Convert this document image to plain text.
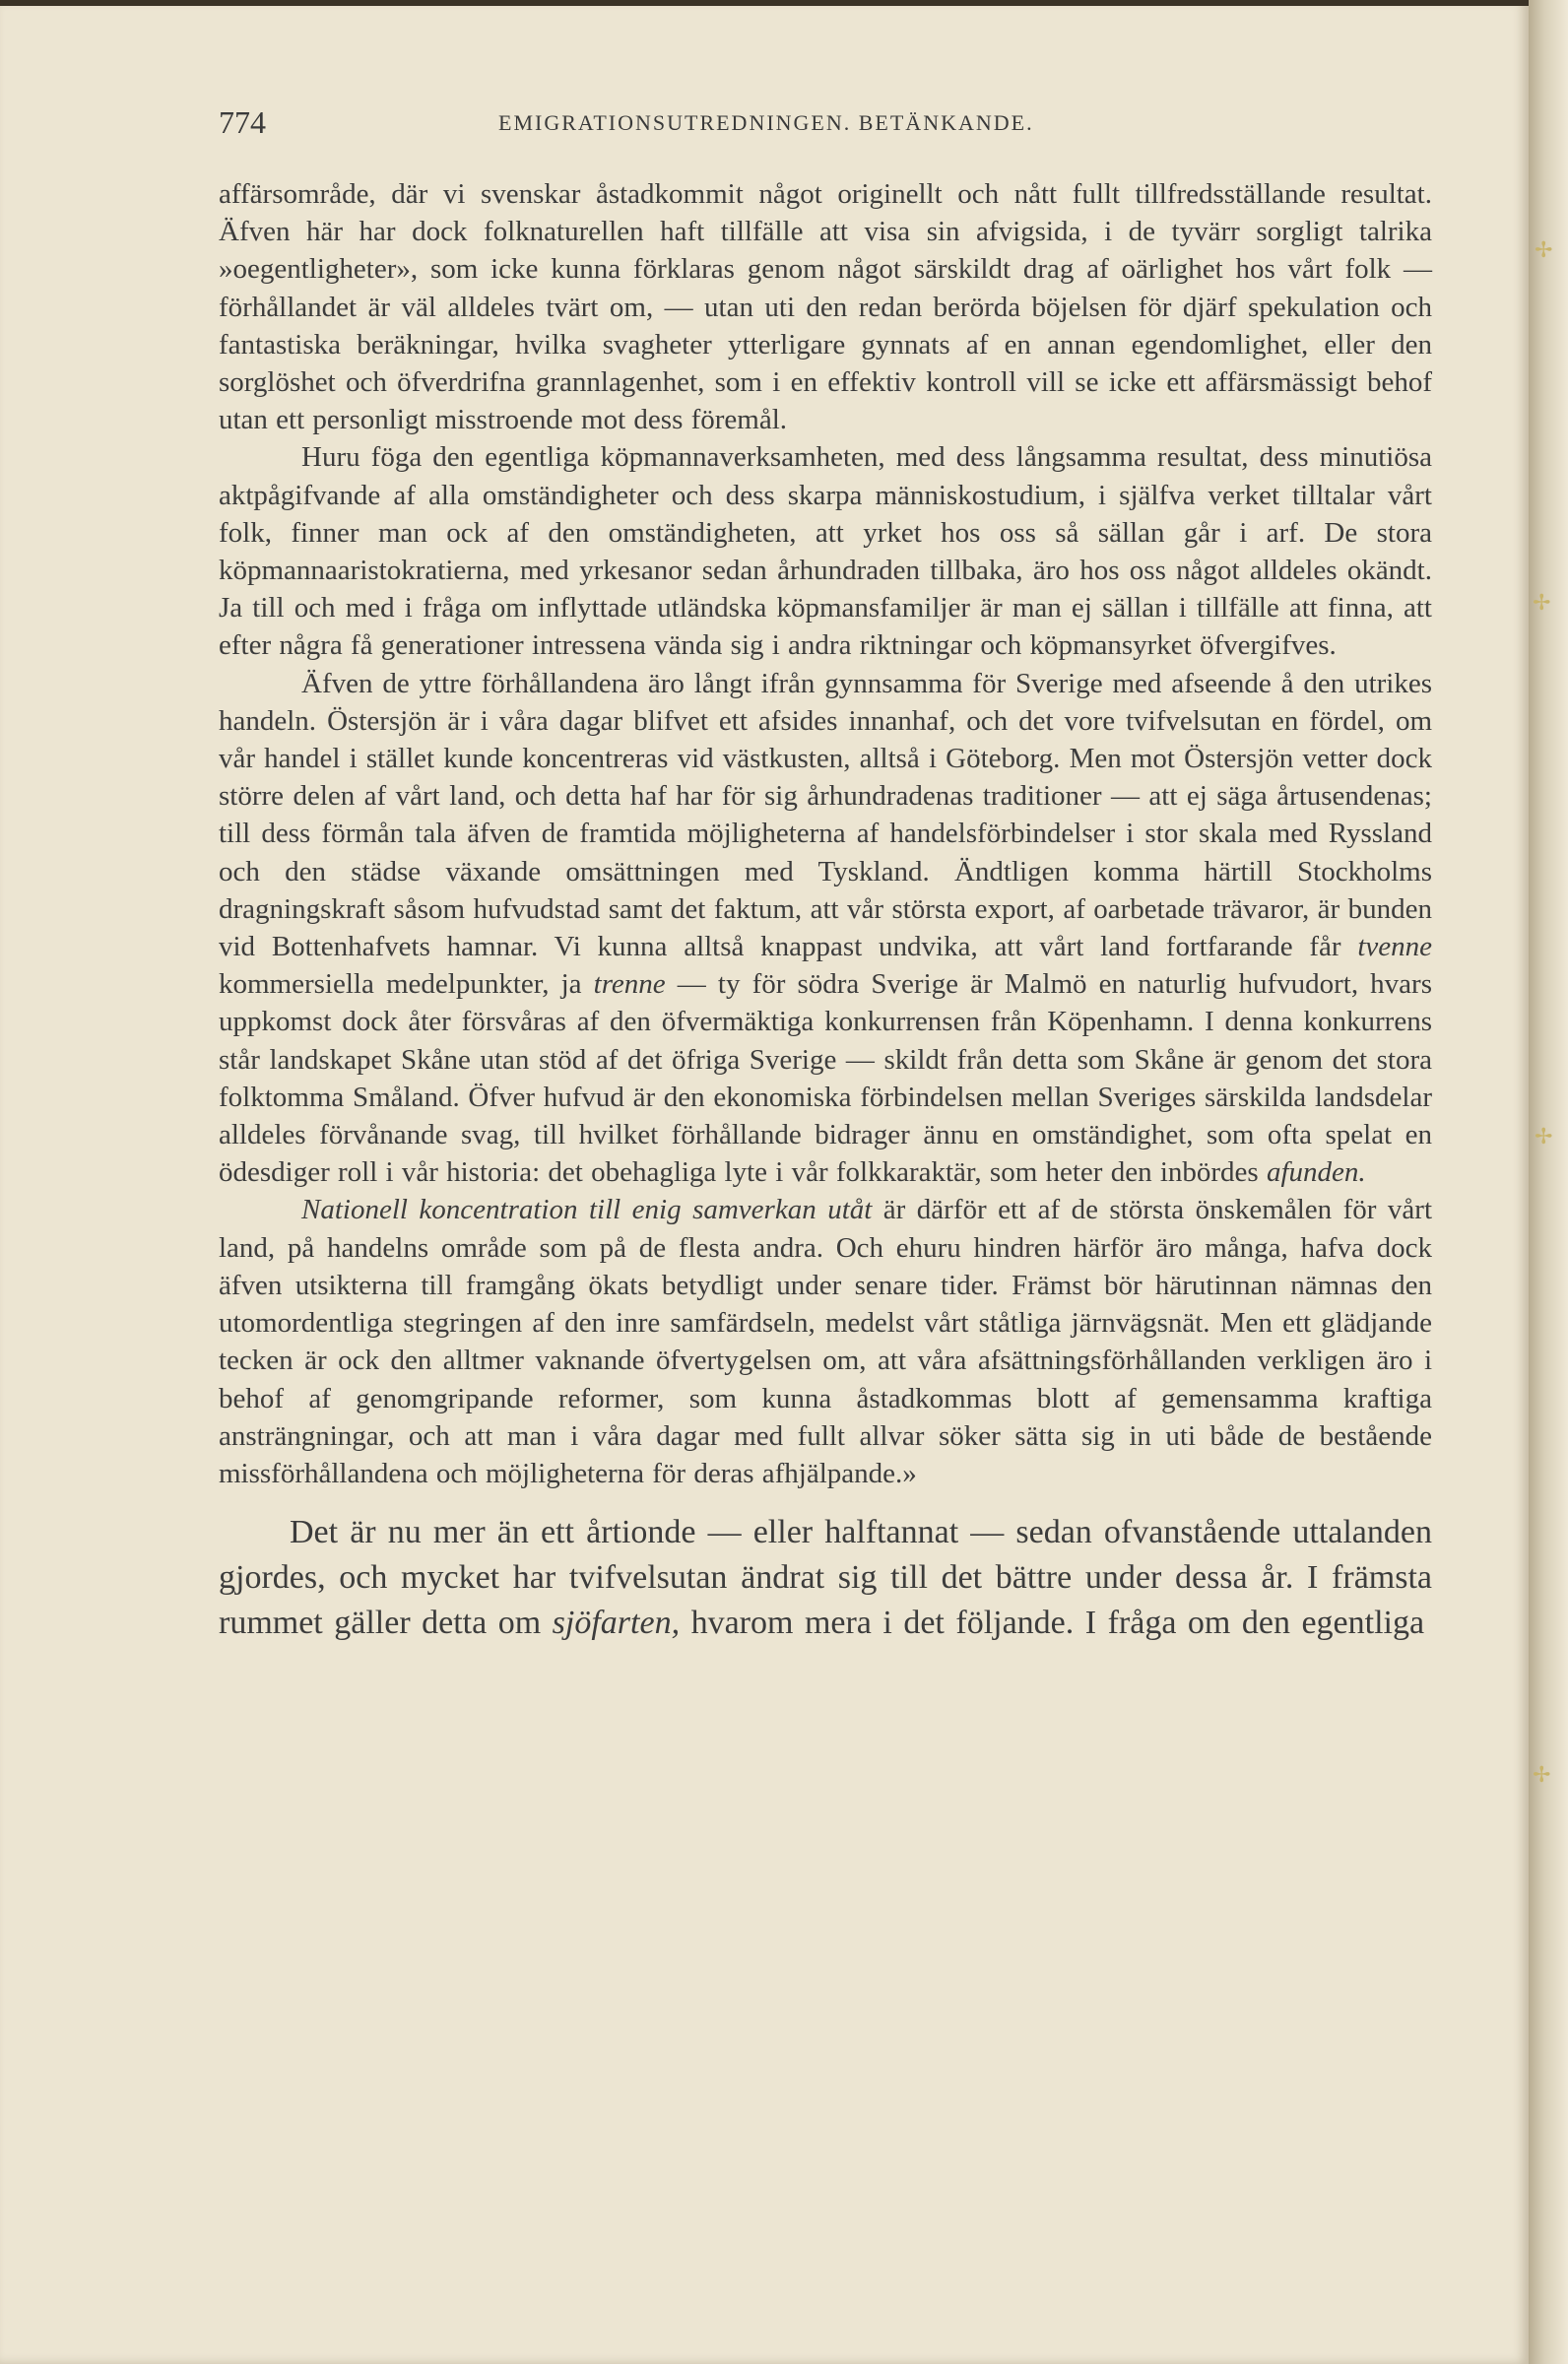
774	EMIGRATIONSUTREDNINGEN. BETÄNKANDE.

affärsområde, där vi svenskar åstadkommit något originellt och nått fullt tillfredsställande resultat. Äfven här har dock folknaturellen haft tillfälle att visa sin afvigsida, i de tyvärr sorgligt talrika »oegentligheter», som icke kunna förklaras genom något särskildt drag af oärlighet hos vårt folk — förhållandet är väl alldeles tvärt om, — utan uti den redan berörda böjelsen för djärf spekulation och fantastiska beräkningar, hvilka svagheter ytterligare gynnats af en annan egendomlighet, eller den sorglöshet och öfverdrifna grannlagenhet, som i en effektiv kontroll vill se icke ett affärsmässigt behof utan ett personligt misstroende mot dess föremål.

Huru föga den egentliga köpmannaverksamheten, med dess långsamma resultat, dess minutiösa aktpågifvande af alla omständigheter och dess skarpa människostudium, i själfva verket tilltalar vårt folk, finner man ock af den omständigheten, att yrket hos oss så sällan går i arf. De stora köpmannaaristokratierna, med yrkesanor sedan århundraden tillbaka, äro hos oss något alldeles okändt. Ja till och med i fråga om inflyttade utländska köpmansfamiljer är man ej sällan i tillfälle att finna, att efter några få generationer intressena vända sig i andra riktningar och köpmansyrket öfvergifves.

Äfven de yttre förhållandena äro långt ifrån gynnsamma för Sverige med afseende å den utrikes handeln. Östersjön är i våra dagar blifvet ett afsides innanhaf, och det vore tvifvelsutan en fördel, om vår handel i stället kunde koncentreras vid västkusten, alltså i Göteborg. Men mot Östersjön vetter dock större delen af vårt land, och detta haf har för sig århundradenas traditioner — att ej säga årtusendenas; till dess förmån tala äfven de framtida möjligheterna af handelsförbindelser i stor skala med Ryssland och den städse växande omsättningen med Tyskland. Ändtligen komma härtill Stockholms dragningskraft såsom hufvudstad samt det faktum, att vår största export, af oarbetade trävaror, är bunden vid Bottenhafvets hamnar. Vi kunna alltså knappast undvika, att vårt land fortfarande får tvenne kommersiella medelpunkter, ja trenne — ty för södra Sverige är Malmö en naturlig hufvudort, hvars uppkomst dock åter försvåras af den öfvermäktiga konkurrensen från Köpenhamn. I denna konkurrens står landskapet Skåne utan stöd af det öfriga Sverige — skildt från detta som Skåne är genom det stora folktomma Småland. Öfver hufvud är den ekonomiska förbindelsen mellan Sveriges särskilda landsdelar alldeles förvånande svag, till hvilket förhållande bidrager ännu en omständighet, som ofta spelat en ödesdiger roll i vår historia: det obehagliga lyte i vår folkkaraktär, som heter den inbördes afunden.

Nationell koncentration till enig samverkan utåt är därför ett af de största önskemålen för vårt land, på handelns område som på de flesta andra. Och ehuru hindren härför äro många, hafva dock äfven utsikterna till framgång ökats betydligt under senare tider. Främst bör härutinnan nämnas den utomordentliga stegringen af den inre samfärdseln, medelst vårt ståtliga järnvägsnät. Men ett glädjande tecken är ock den alltmer vaknande öfvertygelsen om, att våra afsättningsförhållanden verkligen äro i behof af genomgripande reformer, som kunna åstadkommas blott af gemensamma kraftiga ansträngningar, och att man i våra dagar med fullt allvar söker sätta sig in uti både de bestående missförhållandena och möjligheterna för deras afhjälpande.»

Det är nu mer än ett årtionde — eller halftannat — sedan ofvanstående uttalanden gjordes, och mycket har tvifvelsutan ändrat sig till det bättre under dessa år. I främsta rummet gäller detta om sjöfarten, hvarom mera i det följande. I fråga om den egentliga

✢
✢
✢
✢
